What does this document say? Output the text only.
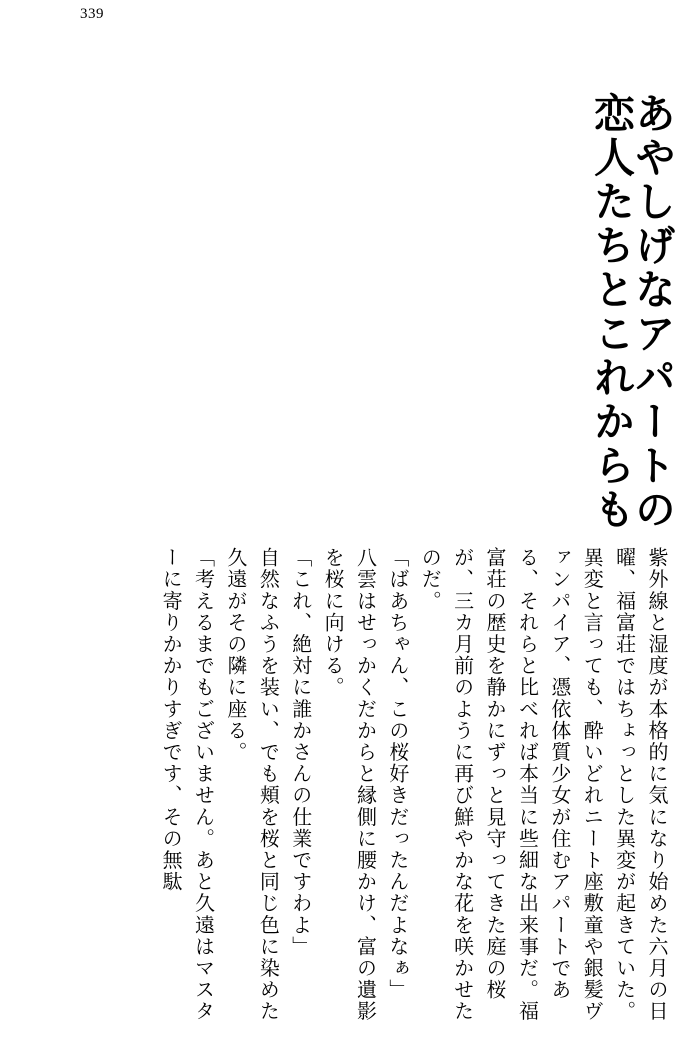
339
あやしげなアパートの恋人たちとこれからも

紫外線と湿度が本格的に気になり始めた六月の日曜、福富荘ではちょっとした異変が起きていた。

異変と言っても、酔いどれニート座敷童や銀髪ヴァンパイア、憑依体質少女が住むアパートである、それらと比べれば本当に些細な出来事だ。福富荘の歴史を静かにずっと見守ってきた庭の桜が、三カ月前のように再び鮮やかな花を咲かせたのだ。

「ばあちゃん、この桜好きだったんだよなぁ」

八雲はせっかくだからと縁側に腰かけ、富の遺影を桜に向ける。

「これ、絶対に誰かさんの仕業ですわよ」

自然なふうを装い、でも頬を桜と同じ色に染めた久遠がその隣に座る。

「考えるまでもございません。あと久遠はマスターに寄りかかりすぎです、その無駄
